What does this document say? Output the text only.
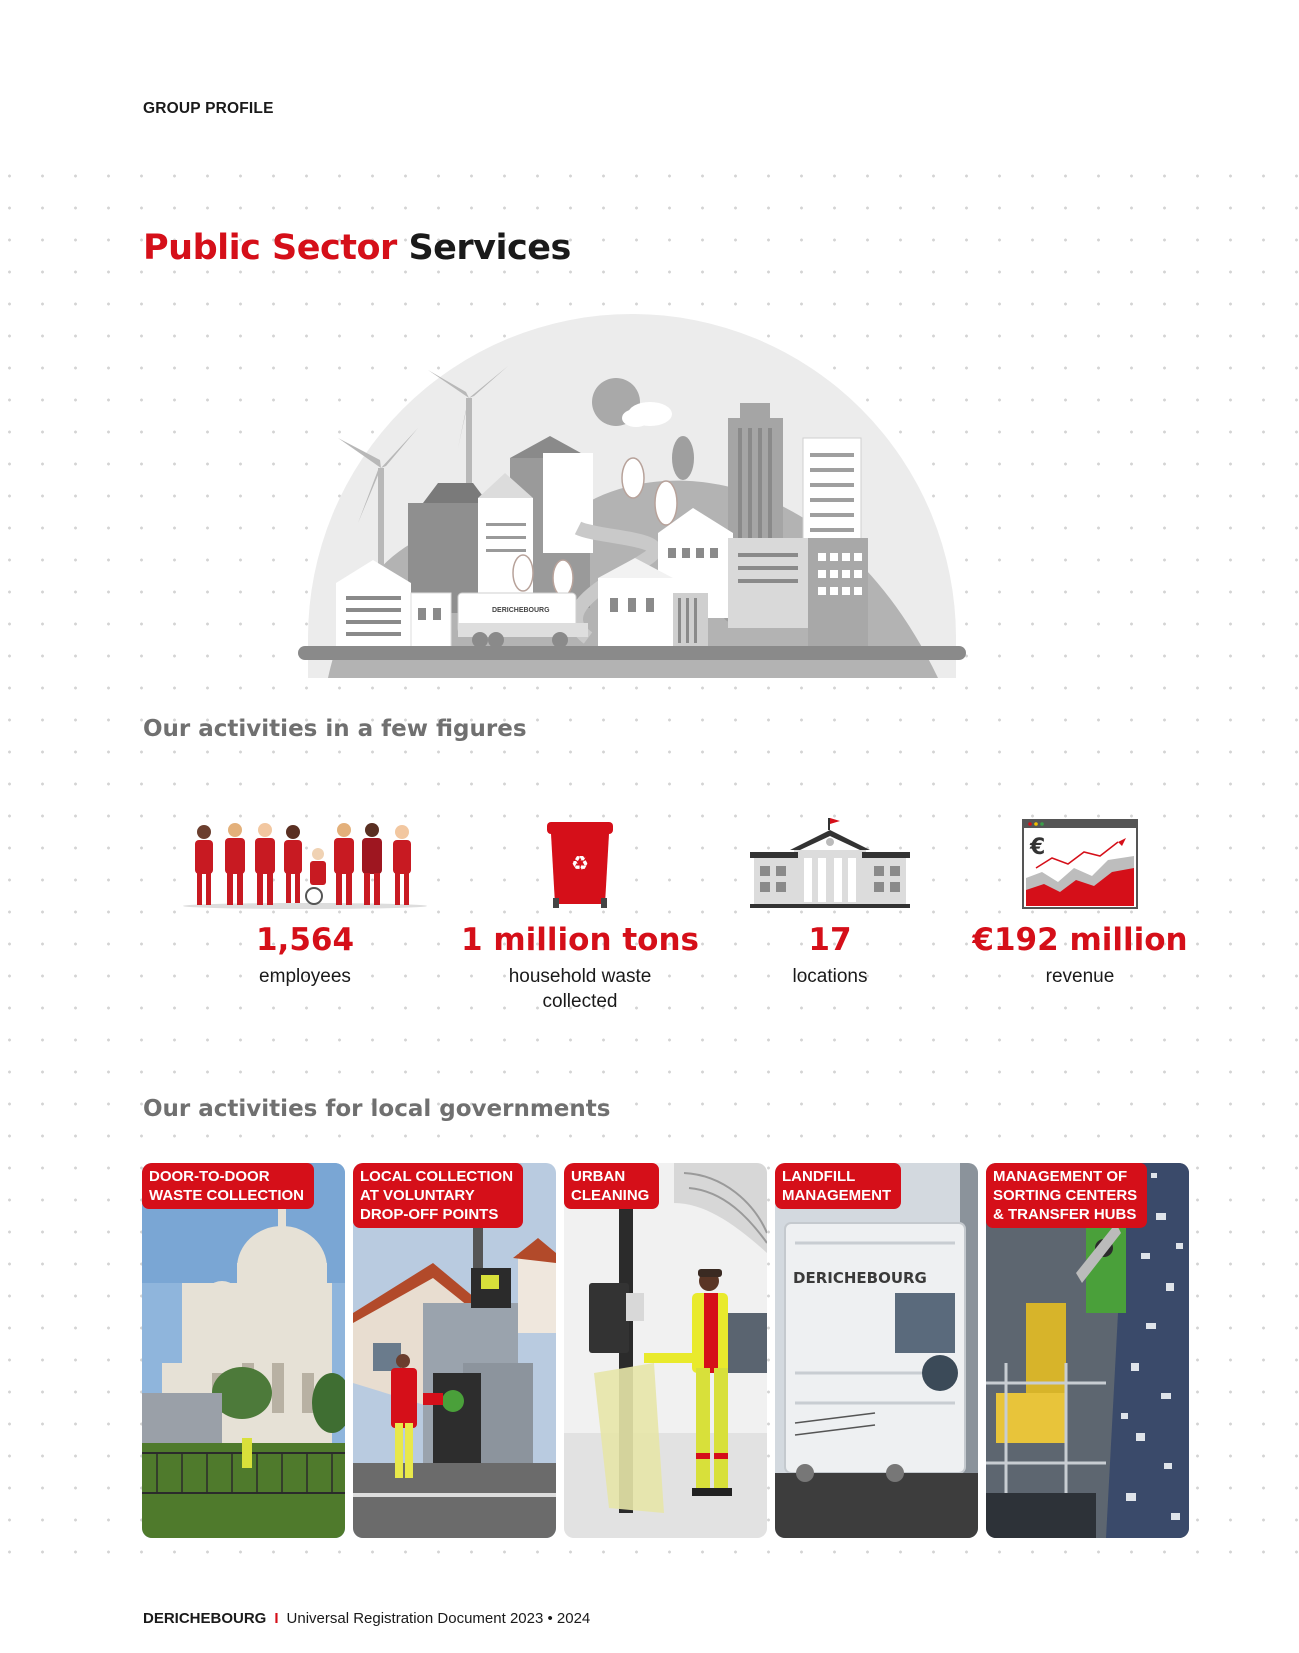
GROUP PROFILE
Public Sector Services
DERICHEBOURG
Our activities in a few figures
1,564
employees
♻
1 million tons
household waste collected
17
locations
€
€192 million
revenue
Our activities for local governments
DOOR-TO-DOOR
WASTE COLLECTION
LOCAL COLLECTION
AT VOLUNTARY
DROP-OFF POINTS
URBAN
CLEANING
DERICHEBOURG
LANDFILL
MANAGEMENT
MANAGEMENT OF
SORTING CENTERS
& TRANSFER HUBS
DERICHEBOURG I Universal Registration Document 2023 • 2024
